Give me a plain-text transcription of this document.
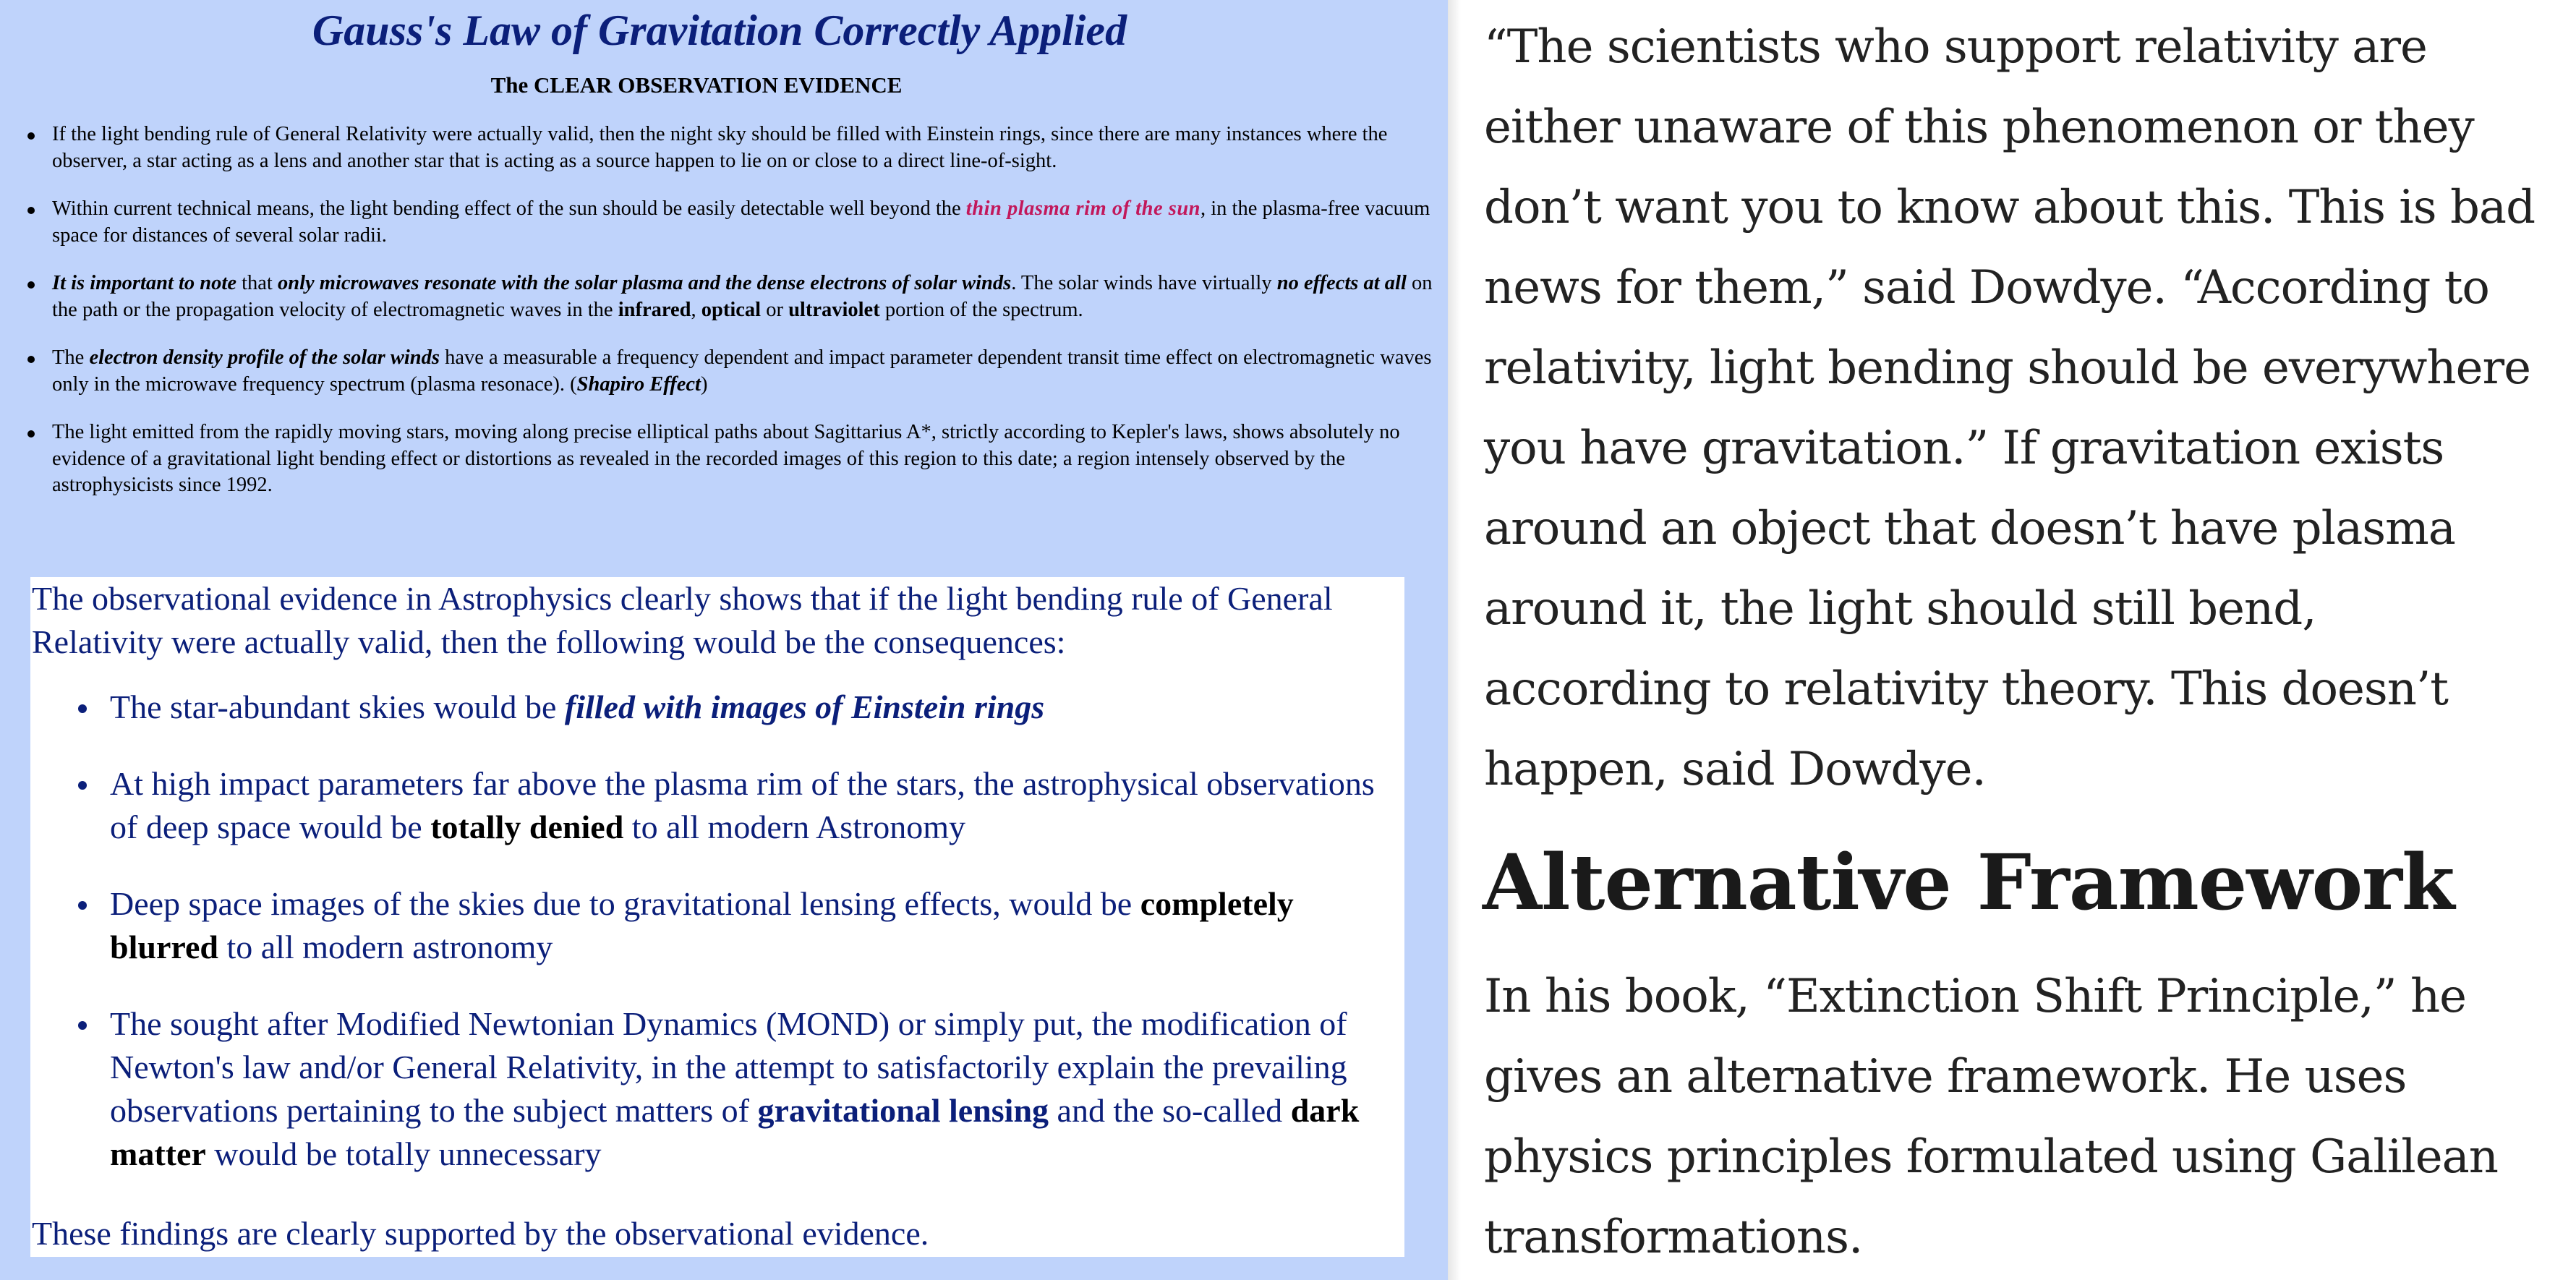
Gauss's Law of Gravitation Correctly Applied
The CLEAR OBSERVATION EVIDENCE
If the light bending rule of General Relativity were actually valid, then the night sky should be filled with Einstein rings, since there are many instances where the observer, a star acting as a lens and another star that is acting as a source happen to lie on or close to a direct line-of-sight.
Within current technical means, the light bending effect of the sun should be easily detectable well beyond the thin plasma rim of the sun, in the plasma-free vacuum space for distances of several solar radii.
It is important to note that only microwaves resonate with the solar plasma and the dense electrons of solar winds. The solar winds have virtually no effects at all on the path or the propagation velocity of electromagnetic waves in the infrared, optical or ultraviolet portion of the spectrum.
The electron density profile of the solar winds have a measurable a frequency dependent and impact parameter dependent transit time effect on electromagnetic waves only in the microwave frequency spectrum (plasma resonace). (Shapiro Effect)
The light emitted from the rapidly moving stars, moving along precise elliptical paths about Sagittarius A*, strictly according to Kepler's laws, shows absolutely no evidence of a gravitational light bending effect or distortions as revealed in the recorded images of this region to this date; a region intensely observed by the astrophysicists since 1992.

The observational evidence in Astrophysics clearly shows that if the light bending rule of General Relativity were actually valid, then the following would be the consequences:

The star-abundant skies would be filled with images of Einstein rings
At high impact parameters far above the plasma rim of the stars, the astrophysical observations of deep space would be totally denied to all modern Astronomy
Deep space images of the skies due to gravitational lensing effects, would be completely blurred to all modern astronomy
The sought after Modified Newtonian Dynamics (MOND) or simply put, the modification of Newton's law and/or General Relativity, in the attempt to satisfactorily explain the prevailing observations pertaining to the subject matters of gravitational lensing and the so-called dark matter would be totally unnecessary

These findings are clearly supported by the observational evidence.

“The scientists who support relativity are either unaware of this phenomenon or they don’t want you to know about this. This is bad news for them,” said Dowdye. “According to relativity, light bending should be everywhere you have gravitation.” If gravitation exists around an object that doesn’t have plasma around it, the light should still bend, according to relativity theory. This doesn’t happen, said Dowdye.

Alternative Framework

In his book, “Extinction Shift Principle,” he gives an alternative framework. He uses physics principles formulated using Galilean transformations.
